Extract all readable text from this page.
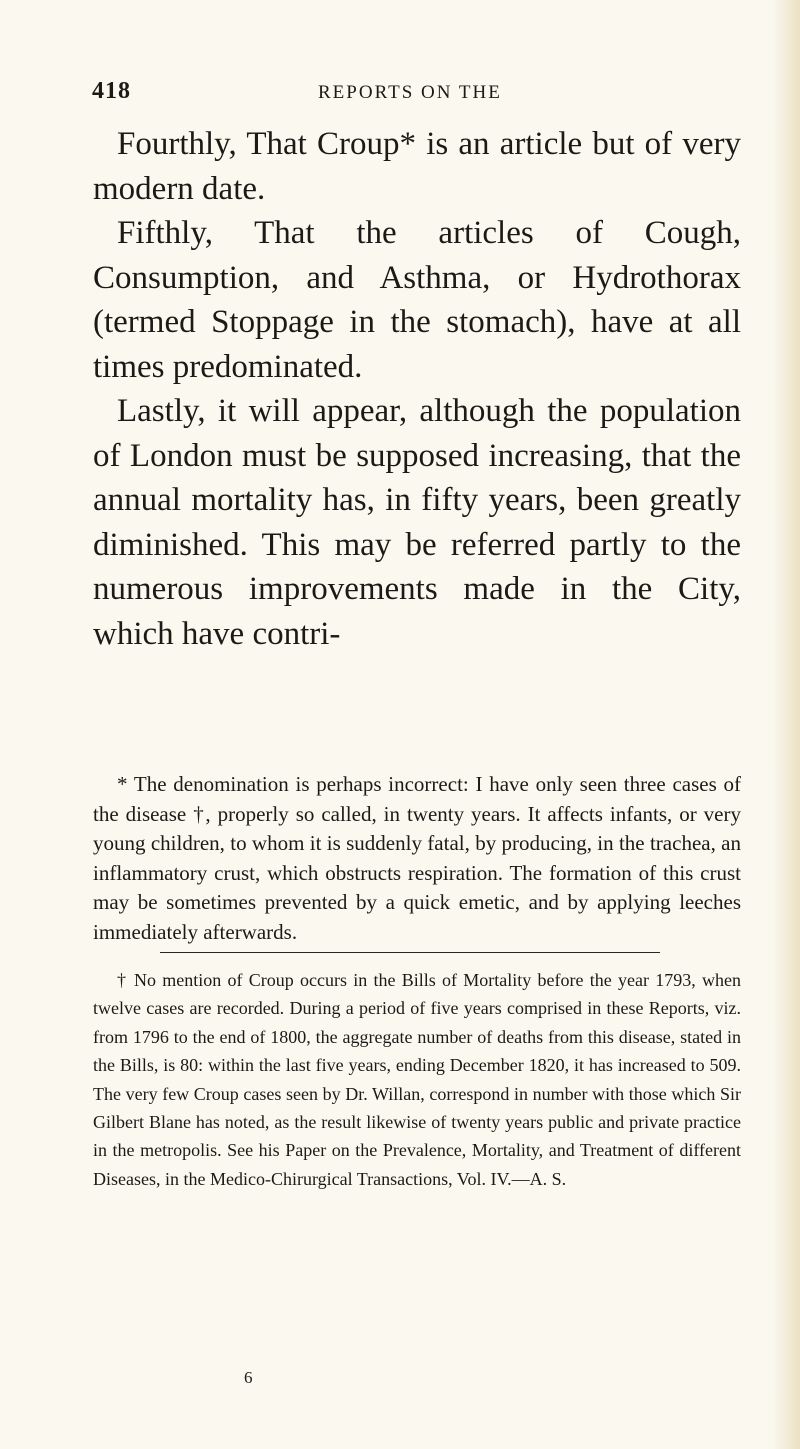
418	REPORTS ON THE

Fourthly, That Croup* is an article but of very modern date.

Fifthly, That the articles of Cough, Consumption, and Asthma, or Hydrothorax (termed Stoppage in the stomach), have at all times predominated.

Lastly, it will appear, although the population of London must be supposed increasing, that the annual mortality has, in fifty years, been greatly diminished. This may be referred partly to the numerous improvements made in the City, which have contri-

* The denomination is perhaps incorrect: I have only seen three cases of the disease †, properly so called, in twenty years. It affects infants, or very young children, to whom it is suddenly fatal, by producing, in the trachea, an inflammatory crust, which obstructs respiration. The formation of this crust may be sometimes prevented by a quick emetic, and by applying leeches immediately afterwards.

† No mention of Croup occurs in the Bills of Mortality before the year 1793, when twelve cases are recorded. During a period of five years comprised in these Reports, viz. from 1796 to the end of 1800, the aggregate number of deaths from this disease, stated in the Bills, is 80: within the last five years, ending December 1820, it has increased to 509. The very few Croup cases seen by Dr. Willan, correspond in number with those which Sir Gilbert Blane has noted, as the result likewise of twenty years public and private practice in the metropolis. See his Paper on the Prevalence, Mortality, and Treatment of different Diseases, in the Medico-Chirurgical Transactions, Vol. IV.—A. S.

6
